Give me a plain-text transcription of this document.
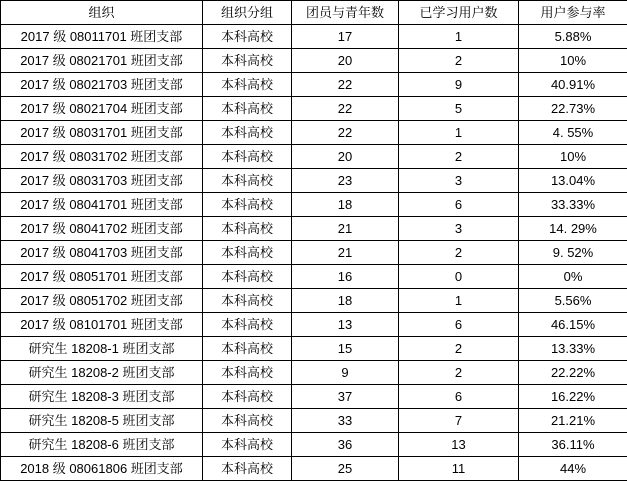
组织	组织分组	团员与青年数	已学习用户数	用户参与率
2017 级 08011701 班团支部	本科高校	17	1	5.88%
2017 级 08021701 班团支部	本科高校	20	2	10%
2017 级 08021703 班团支部	本科高校	22	9	40.91%
2017 级 08021704 班团支部	本科高校	22	5	22.73%
2017 级 08031701 班团支部	本科高校	22	1	4. 55%
2017 级 08031702 班团支部	本科高校	20	2	10%
2017 级 08031703 班团支部	本科高校	23	3	13.04%
2017 级 08041701 班团支部	本科高校	18	6	33.33%
2017 级 08041702 班团支部	本科高校	21	3	14. 29%
2017 级 08041703 班团支部	本科高校	21	2	9. 52%
2017 级 08051701 班团支部	本科高校	16	0	0%
2017 级 08051702 班团支部	本科高校	18	1	5.56%
2017 级 08101701 班团支部	本科高校	13	6	46.15%
研究生 18208-1 班团支部	本科高校	15	2	13.33%
研究生 18208-2 班团支部	本科高校	9	2	22.22%
研究生 18208-3 班团支部	本科高校	37	6	16.22%
研究生 18208-5 班团支部	本科高校	33	7	21.21%
研究生 18208-6 班团支部	本科高校	36	13	36.11%
2018 级 08061806 班团支部	本科高校	25	11	44%
